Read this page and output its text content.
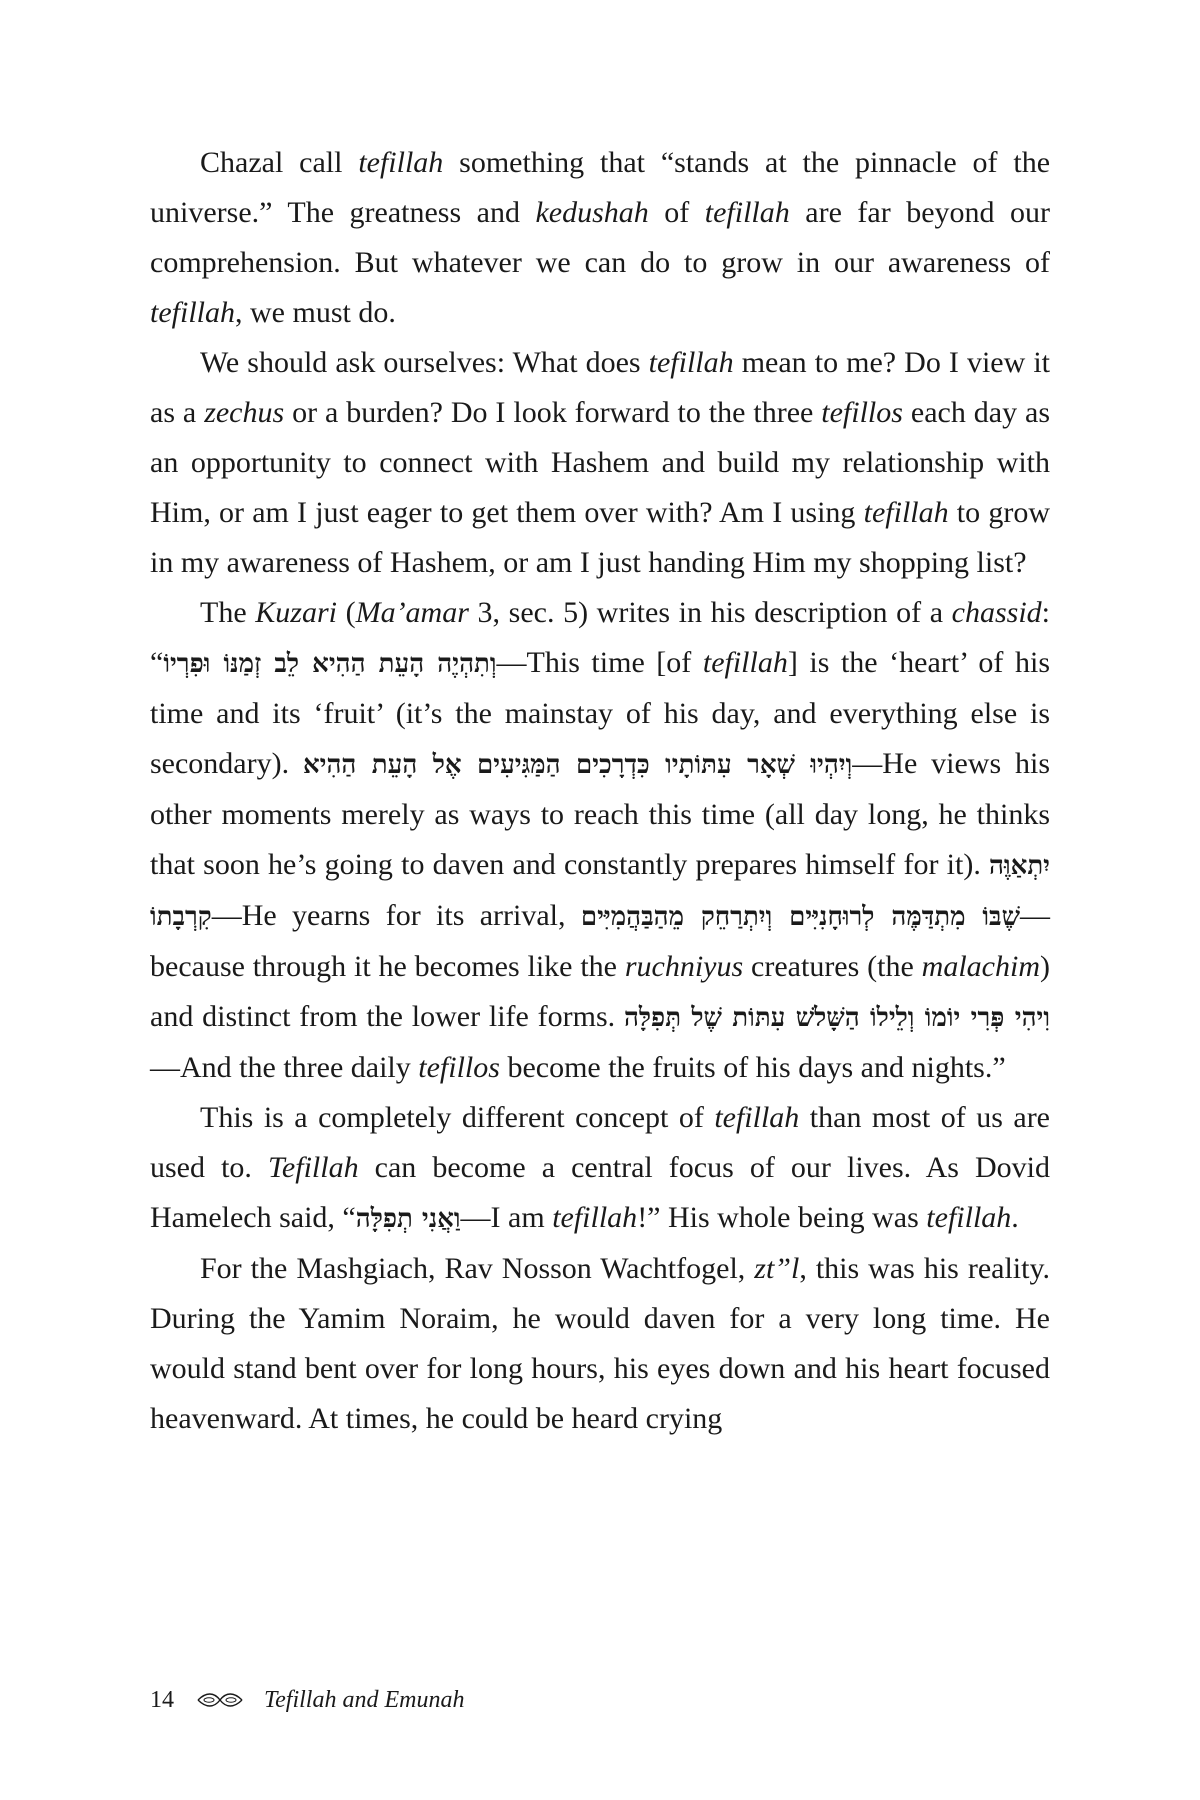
Chazal call tefillah something that “stands at the pinnacle of the universe.” The greatness and kedushah of tefillah are far beyond our comprehension. But whatever we can do to grow in our awareness of tefillah, we must do.

We should ask ourselves: What does tefillah mean to me? Do I view it as a zechus or a burden? Do I look forward to the three tefillos each day as an opportunity to connect with Hashem and build my relationship with Him, or am I just eager to get them over with? Am I using tefillah to grow in my awareness of Hashem, or am I just handing Him my shopping list?

The Kuzari (Ma’amar 3, sec. 5) writes in his description of a chassid: “וְתִהְיֶה הָעֵת הַהִיא לֵב זְמַנּוֹ וּפִרְיוֹ—This time [of tefillah] is the ‘heart’ of his time and its ‘fruit’ (it’s the mainstay of his day, and everything else is secondary). וְיִהְיוּ שְׁאָר עִתּוֹתָיו כִּדְרָכִים הַמַּגִּיעִים אֶל הָעֵת הַהִיא—He views his other moments merely as ways to reach this time (all day long, he thinks that soon he’s going to daven and constantly prepares himself for it). יִתְאַוֶּה קִרְבָתוֹ—He yearns for its arrival, שֶׁבּוֹ מִתְדַּמֶּה לְרוּחָנִיִּים וְיִתְרַחֵק מֵהַבַּהֲמִיִּים—because through it he becomes like the ruchniyus creatures (the malachim) and distinct from the lower life forms. וִיהִי פְּרִי יוֹמוֹ וְלֵילוֹ הַשָּׁלֹשׁ עִתּוֹת שֶׁל תְּפִלָּה—And the three daily tefillos become the fruits of his days and nights.”

This is a completely different concept of tefillah than most of us are used to. Tefillah can become a central focus of our lives. As Dovid Hamelech said, “וַאֲנִי תְפִלָּה—I am tefillah!” His whole being was tefillah.

For the Mashgiach, Rav Nosson Wachtfogel, zt”l, this was his reality. During the Yamim Noraim, he would daven for a very long time. He would stand bent over for long hours, his eyes down and his heart focused heavenward. At times, he could be heard crying

14	Tefillah and Emunah
